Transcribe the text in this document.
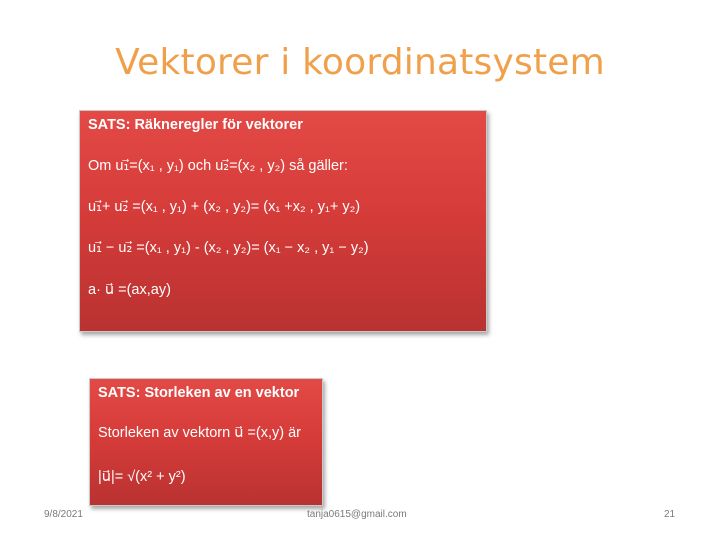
Vektorer i koordinatsystem
SATS: Räkneregler för vektorer
Om u₁⃗=(x₁ , y₁) och u₂⃗=(x₂ , y₂) så gäller:
u₁⃗+ u₂⃗ =(x₁ , y₁) + (x₂ , y₂)= (x₁ +x₂ , y₁+ y₂)
u₁⃗ − u₂⃗ =(x₁ , y₁) - (x₂ , y₂)= (x₁ − x₂ , y₁ − y₂)
a· u⃗ =(ax,ay)
SATS: Storleken av en vektor
Storleken av vektorn u⃗ =(x,y) är
|u⃗|= √(x² + y²)
9/8/2021	tanja0615@gmail.com	21
